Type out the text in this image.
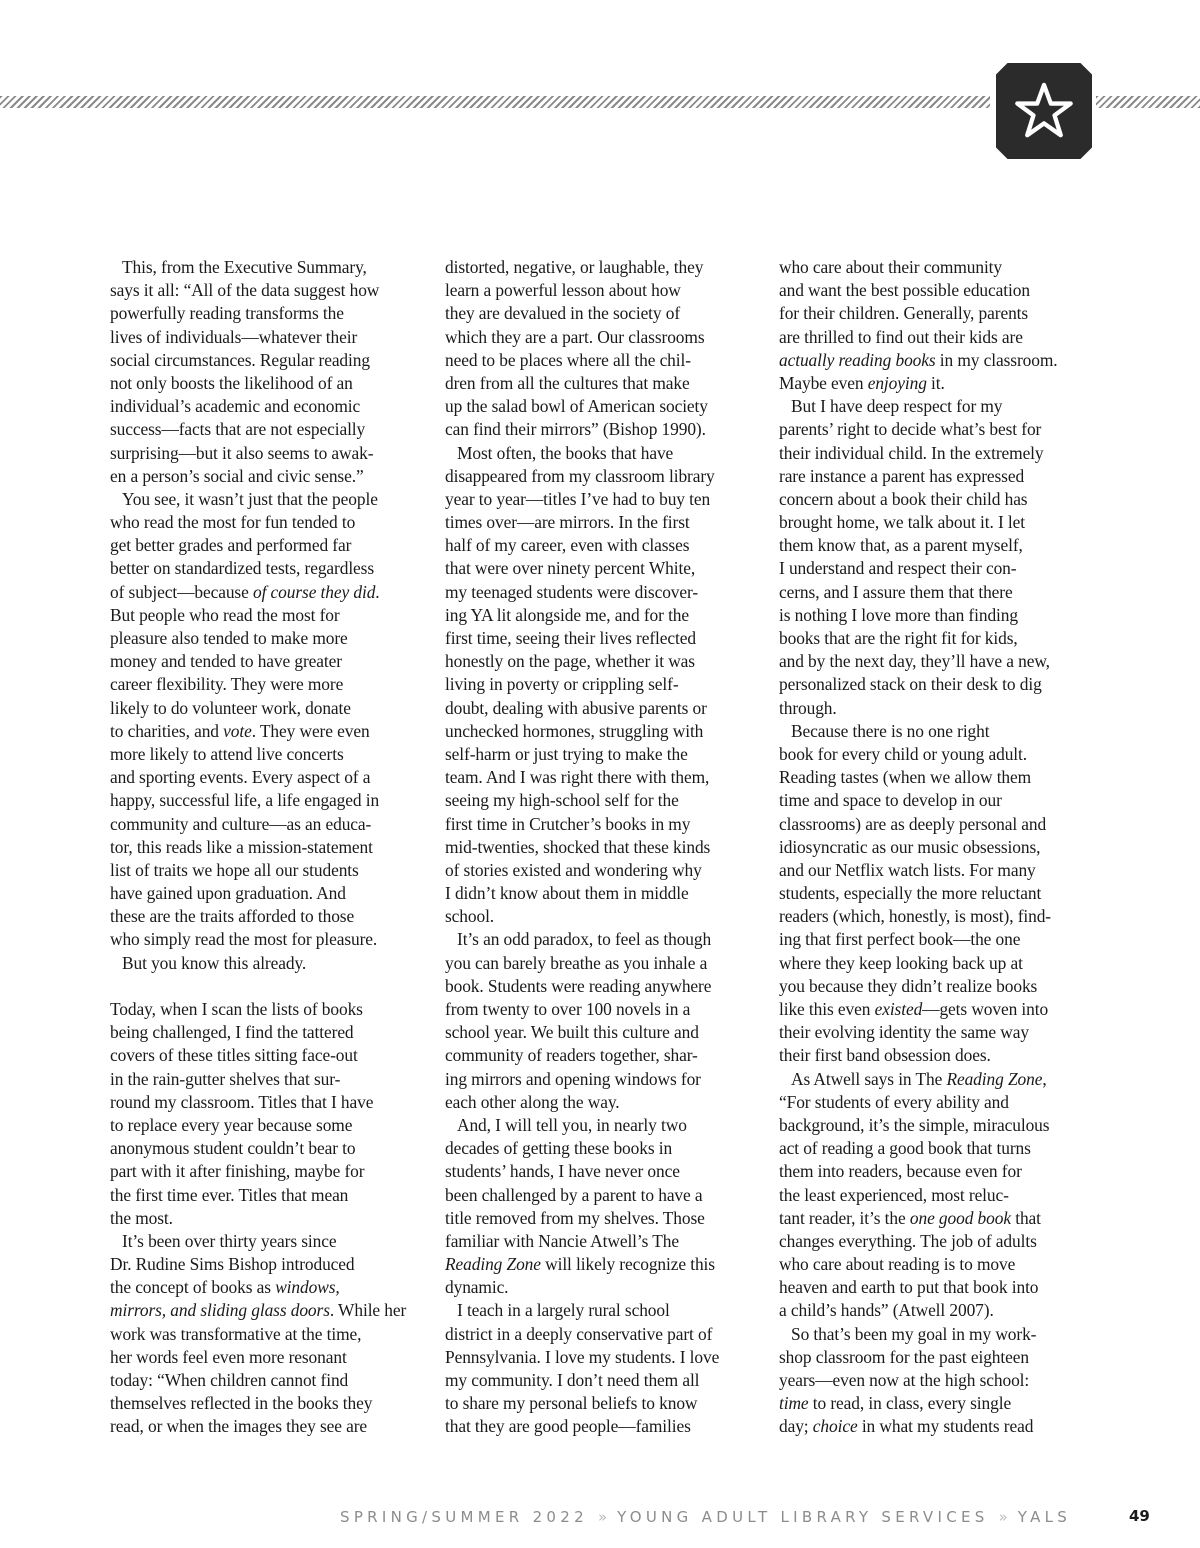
This, from the Executive Summary,
says it all: “All of the data suggest how
powerfully reading transforms the
lives of individuals—whatever their
social circumstances. Regular reading
not only boosts the likelihood of an
individual’s academic and economic
success—facts that are not especially
surprising—but it also seems to awak-
en a person’s social and civic sense.”
You see, it wasn’t just that the people
who read the most for fun tended to
get better grades and performed far
better on standardized tests, regardless
of subject—because of course they did.
But people who read the most for
pleasure also tended to make more
money and tended to have greater
career flexibility. They were more
likely to do volunteer work, donate
to charities, and vote. They were even
more likely to attend live concerts
and sporting events. Every aspect of a
happy, successful life, a life engaged in
community and culture—as an educa-
tor, this reads like a mission-statement
list of traits we hope all our students
have gained upon graduation. And
these are the traits afforded to those
who simply read the most for pleasure.
But you know this already.
Today, when I scan the lists of books
being challenged, I find the tattered
covers of these titles sitting face-out
in the rain-gutter shelves that sur-
round my classroom. Titles that I have
to replace every year because some
anonymous student couldn’t bear to
part with it after finishing, maybe for
the first time ever. Titles that mean
the most.
It’s been over thirty years since
Dr. Rudine Sims Bishop introduced
the concept of books as windows,
mirrors, and sliding glass doors. While her
work was transformative at the time,
her words feel even more resonant
today: “When children cannot find
themselves reflected in the books they
read, or when the images they see are
distorted, negative, or laughable, they
learn a powerful lesson about how
they are devalued in the society of
which they are a part. Our classrooms
need to be places where all the chil-
dren from all the cultures that make
up the salad bowl of American society
can find their mirrors” (Bishop 1990).
Most often, the books that have
disappeared from my classroom library
year to year—titles I’ve had to buy ten
times over—are mirrors. In the first
half of my career, even with classes
that were over ninety percent White,
my teenaged students were discover-
ing YA lit alongside me, and for the
first time, seeing their lives reflected
honestly on the page, whether it was
living in poverty or crippling self-
doubt, dealing with abusive parents or
unchecked hormones, struggling with
self-harm or just trying to make the
team. And I was right there with them,
seeing my high-school self for the
first time in Crutcher’s books in my
mid-twenties, shocked that these kinds
of stories existed and wondering why
I didn’t know about them in middle
school.
It’s an odd paradox, to feel as though
you can barely breathe as you inhale a
book. Students were reading anywhere
from twenty to over 100 novels in a
school year. We built this culture and
community of readers together, shar-
ing mirrors and opening windows for
each other along the way.
And, I will tell you, in nearly two
decades of getting these books in
students’ hands, I have never once
been challenged by a parent to have a
title removed from my shelves. Those
familiar with Nancie Atwell’s The
Reading Zone will likely recognize this
dynamic.
I teach in a largely rural school
district in a deeply conservative part of
Pennsylvania. I love my students. I love
my community. I don’t need them all
to share my personal beliefs to know
that they are good people—families
who care about their community
and want the best possible education
for their children. Generally, parents
are thrilled to find out their kids are
actually reading books in my classroom.
Maybe even enjoying it.
But I have deep respect for my
parents’ right to decide what’s best for
their individual child. In the extremely
rare instance a parent has expressed
concern about a book their child has
brought home, we talk about it. I let
them know that, as a parent myself,
I understand and respect their con-
cerns, and I assure them that there
is nothing I love more than finding
books that are the right fit for kids,
and by the next day, they’ll have a new,
personalized stack on their desk to dig
through.
Because there is no one right
book for every child or young adult.
Reading tastes (when we allow them
time and space to develop in our
classrooms) are as deeply personal and
idiosyncratic as our music obsessions,
and our Netflix watch lists. For many
students, especially the more reluctant
readers (which, honestly, is most), find-
ing that first perfect book—the one
where they keep looking back up at
you because they didn’t realize books
like this even existed—gets woven into
their evolving identity the same way
their first band obsession does.
As Atwell says in The Reading Zone,
“For students of every ability and
background, it’s the simple, miraculous
act of reading a good book that turns
them into readers, because even for
the least experienced, most reluc-
tant reader, it’s the one good book that
changes everything. The job of adults
who care about reading is to move
heaven and earth to put that book into
a child’s hands” (Atwell 2007).
So that’s been my goal in my work-
shop classroom for the past eighteen
years—even now at the high school:
time to read, in class, every single
day; choice in what my students read
SPRING/SUMMER 2022 » YOUNG ADULT LIBRARY SERVICES » YALS	49
